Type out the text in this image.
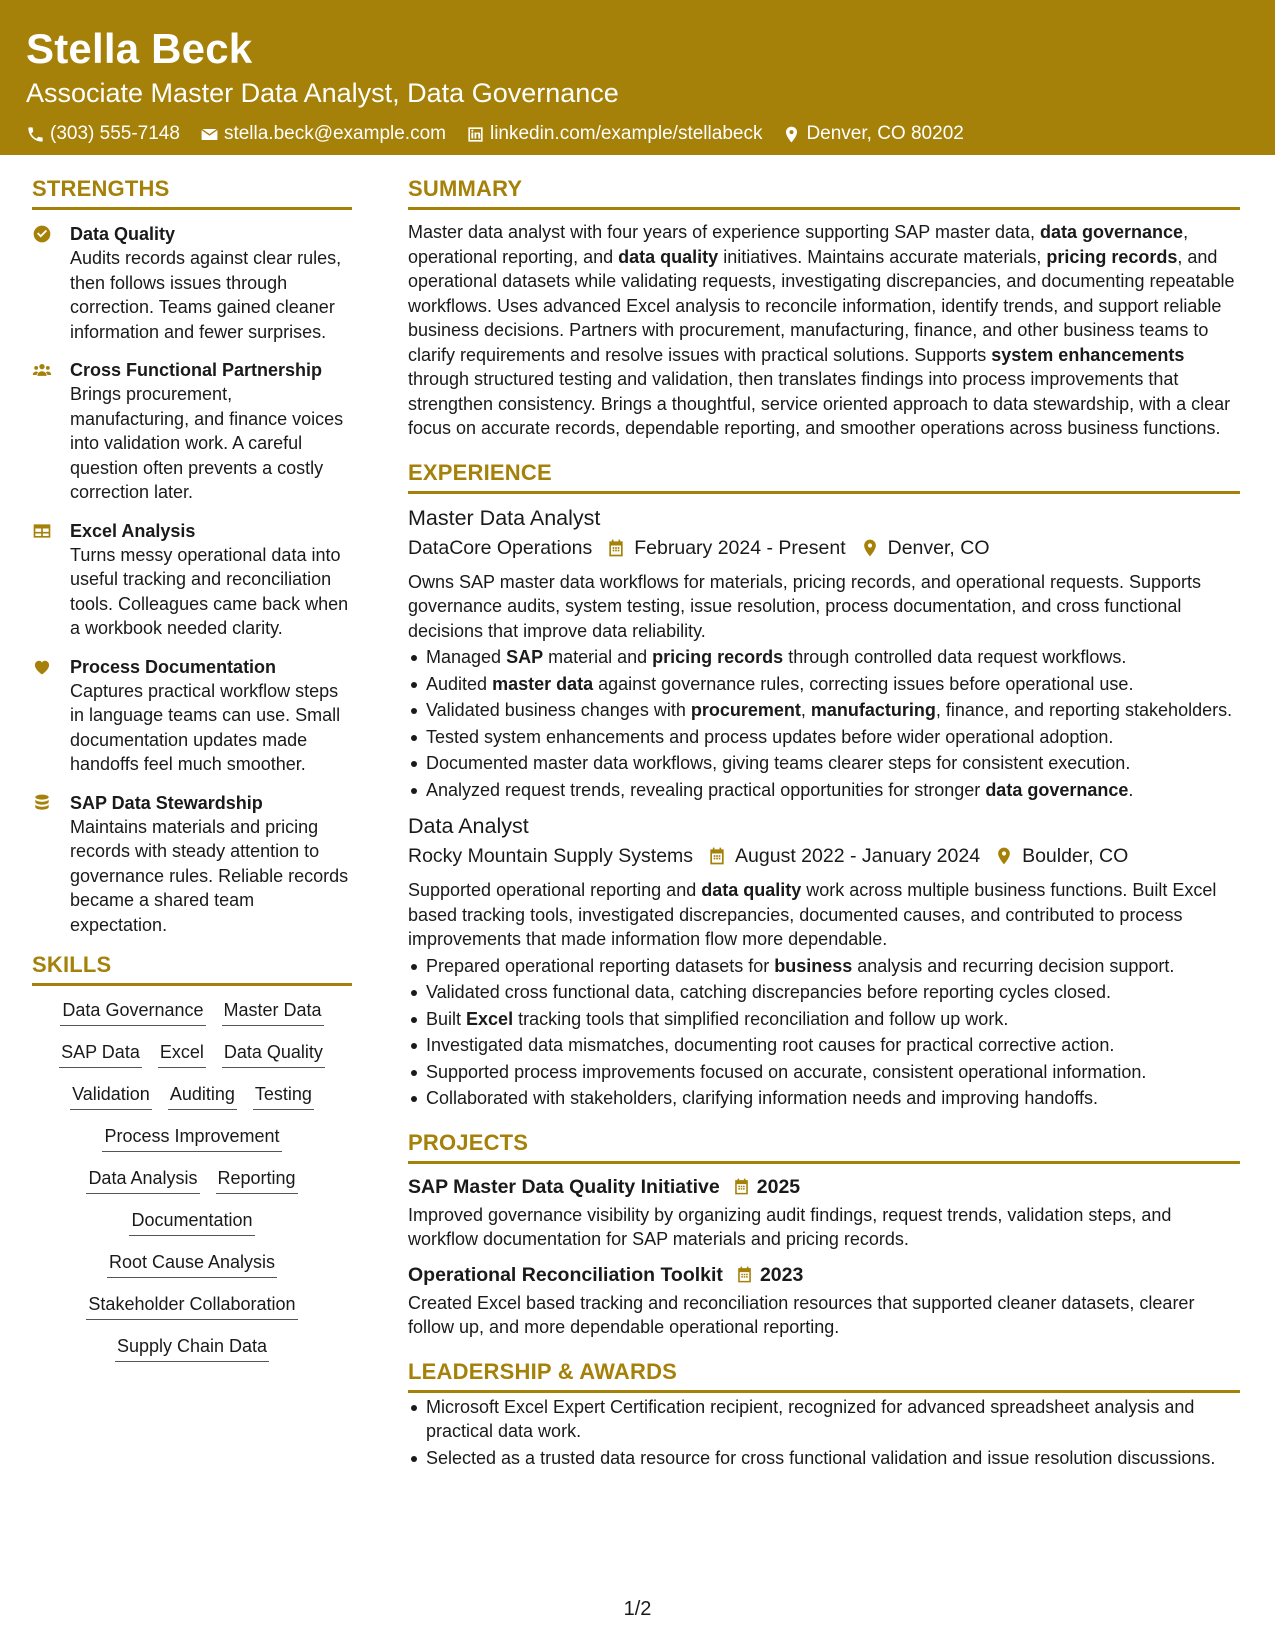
Stella Beck
Associate Master Data Analyst, Data Governance
(303) 555-7148 stella.beck@example.com linkedin.com/example/stellabeck Denver, CO 80202
STRENGTHS
Data Quality
Audits records against clear rules, then follows issues through correction. Teams gained cleaner information and fewer surprises.
Cross Functional Partnership
Brings procurement, manufacturing, and finance voices into validation work. A careful question often prevents a costly correction later.
Excel Analysis
Turns messy operational data into useful tracking and reconciliation tools. Colleagues came back when a workbook needed clarity.
Process Documentation
Captures practical workflow steps in language teams can use. Small documentation updates made handoffs feel much smoother.
SAP Data Stewardship
Maintains materials and pricing records with steady attention to governance rules. Reliable records became a shared team expectation.
SKILLS
Data Governance Master Data
SAP Data Excel Data Quality
Validation Auditing Testing
Process Improvement
Data Analysis Reporting
Documentation
Root Cause Analysis
Stakeholder Collaboration
Supply Chain Data
SUMMARY
Master data analyst with four years of experience supporting SAP master data, data governance, operational reporting, and data quality initiatives. Maintains accurate materials, pricing records, and operational datasets while validating requests, investigating discrepancies, and documenting repeatable workflows. Uses advanced Excel analysis to reconcile information, identify trends, and support reliable business decisions. Partners with procurement, manufacturing, finance, and other business teams to clarify requirements and resolve issues with practical solutions. Supports system enhancements through structured testing and validation, then translates findings into process improvements that strengthen consistency. Brings a thoughtful, service oriented approach to data stewardship, with a clear focus on accurate records, dependable reporting, and smoother operations across business functions.
EXPERIENCE
Master Data Analyst
DataCore Operations February 2024 - Present Denver, CO
Owns SAP master data workflows for materials, pricing records, and operational requests. Supports governance audits, system testing, issue resolution, process documentation, and cross functional decisions that improve data reliability.
Managed SAP material and pricing records through controlled data request workflows.
Audited master data against governance rules, correcting issues before operational use.
Validated business changes with procurement, manufacturing, finance, and reporting stakeholders.
Tested system enhancements and process updates before wider operational adoption.
Documented master data workflows, giving teams clearer steps for consistent execution.
Analyzed request trends, revealing practical opportunities for stronger data governance.
Data Analyst
Rocky Mountain Supply Systems August 2022 - January 2024 Boulder, CO
Supported operational reporting and data quality work across multiple business functions. Built Excel based tracking tools, investigated discrepancies, documented causes, and contributed to process improvements that made information flow more dependable.
Prepared operational reporting datasets for business analysis and recurring decision support.
Validated cross functional data, catching discrepancies before reporting cycles closed.
Built Excel tracking tools that simplified reconciliation and follow up work.
Investigated data mismatches, documenting root causes for practical corrective action.
Supported process improvements focused on accurate, consistent operational information.
Collaborated with stakeholders, clarifying information needs and improving handoffs.
PROJECTS
SAP Master Data Quality Initiative 2025
Improved governance visibility by organizing audit findings, request trends, validation steps, and workflow documentation for SAP materials and pricing records.
Operational Reconciliation Toolkit 2023
Created Excel based tracking and reconciliation resources that supported cleaner datasets, clearer follow up, and more dependable operational reporting.
LEADERSHIP & AWARDS
Microsoft Excel Expert Certification recipient, recognized for advanced spreadsheet analysis and practical data work.
Selected as a trusted data resource for cross functional validation and issue resolution discussions.
1/2
